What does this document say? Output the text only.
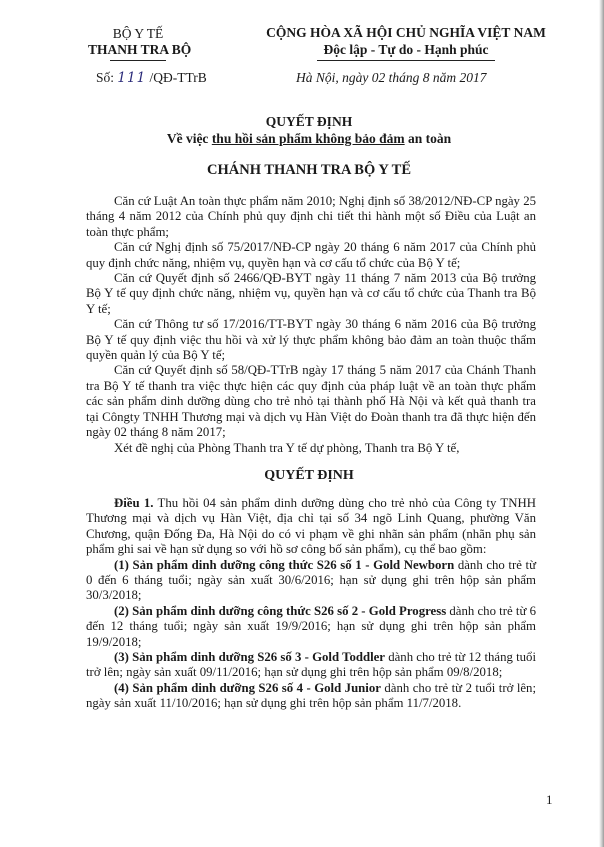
BỘ Y TẾ
THANH TRA BỘ
CỘNG HÒA XÃ HỘI CHỦ NGHĨA VIỆT NAM
Độc lập - Tự do - Hạnh phúc
Số: 111 /QĐ-TTrB	Hà Nội, ngày 02 tháng 8 năm 2017
QUYẾT ĐỊNH
Về việc thu hồi sản phẩm không bảo đảm an toàn
CHÁNH THANH TRA BỘ Y TẾ

Căn cứ Luật An toàn thực phẩm năm 2010; Nghị định số 38/2012/NĐ-CP ngày 25 tháng 4 năm 2012 của Chính phủ quy định chi tiết thi hành một số Điều của Luật an toàn thực phẩm;

Căn cứ Nghị định số 75/2017/NĐ-CP ngày 20 tháng 6 năm 2017 của Chính phủ quy định chức năng, nhiệm vụ, quyền hạn và cơ cấu tổ chức của Bộ Y tế;

Căn cứ Quyết định số 2466/QĐ-BYT ngày 11 tháng 7 năm 2013 của Bộ trưởng Bộ Y tế quy định chức năng, nhiệm vụ, quyền hạn và cơ cấu tổ chức của Thanh tra Bộ Y tế;

Căn cứ Thông tư số 17/2016/TT-BYT ngày 30 tháng 6 năm 2016 của Bộ trưởng Bộ Y tế quy định việc thu hồi và xử lý thực phẩm không bảo đảm an toàn thuộc thẩm quyền quản lý của Bộ Y tế;

Căn cứ Quyết định số 58/QĐ-TTrB ngày 17 tháng 5 năm 2017 của Chánh Thanh tra Bộ Y tế thanh tra việc thực hiện các quy định của pháp luật về an toàn thực phẩm các sản phẩm dinh dưỡng dùng cho trẻ nhỏ tại thành phố Hà Nội và kết quả thanh tra tại Côngty TNHH Thương mại và dịch vụ Hàn Việt do Đoàn thanh tra đã thực hiện đến ngày 02 tháng 8 năm 2017;

Xét đề nghị của Phòng Thanh tra Y tế dự phòng, Thanh tra Bộ Y tế,

QUYẾT ĐỊNH

Điều 1. Thu hồi 04 sản phẩm dinh dưỡng dùng cho trẻ nhỏ của Công ty TNHH Thương mại và dịch vụ Hàn Việt, địa chỉ tại số 34 ngõ Linh Quang, phường Văn Chương, quận Đống Đa, Hà Nội do có vi phạm về ghi nhãn sản phẩm (nhãn phụ sản phẩm ghi sai về hạn sử dụng so với hồ sơ công bố sản phẩm), cụ thể bao gồm:

(1) Sản phẩm dinh dưỡng công thức S26 số 1 - Gold Newborn dành cho trẻ từ 0 đến 6 tháng tuổi; ngày sản xuất 30/6/2016; hạn sử dụng ghi trên hộp sản phẩm 30/3/2018;

(2) Sản phẩm dinh dưỡng công thức S26 số 2 - Gold Progress dành cho trẻ từ 6 đến 12 tháng tuổi; ngày sản xuất 19/9/2016; hạn sử dụng ghi trên hộp sản phẩm 19/9/2018;

(3) Sản phẩm dinh dưỡng S26 số 3 - Gold Toddler dành cho trẻ từ 12 tháng tuổi trở lên; ngày sản xuất 09/11/2016; hạn sử dụng ghi trên hộp sản phẩm 09/8/2018;

(4) Sản phẩm dinh dưỡng S26 số 4 - Gold Junior dành cho trẻ từ 2 tuổi trở lên; ngày sản xuất 11/10/2016; hạn sử dụng ghi trên hộp sản phẩm 11/7/2018.

1
